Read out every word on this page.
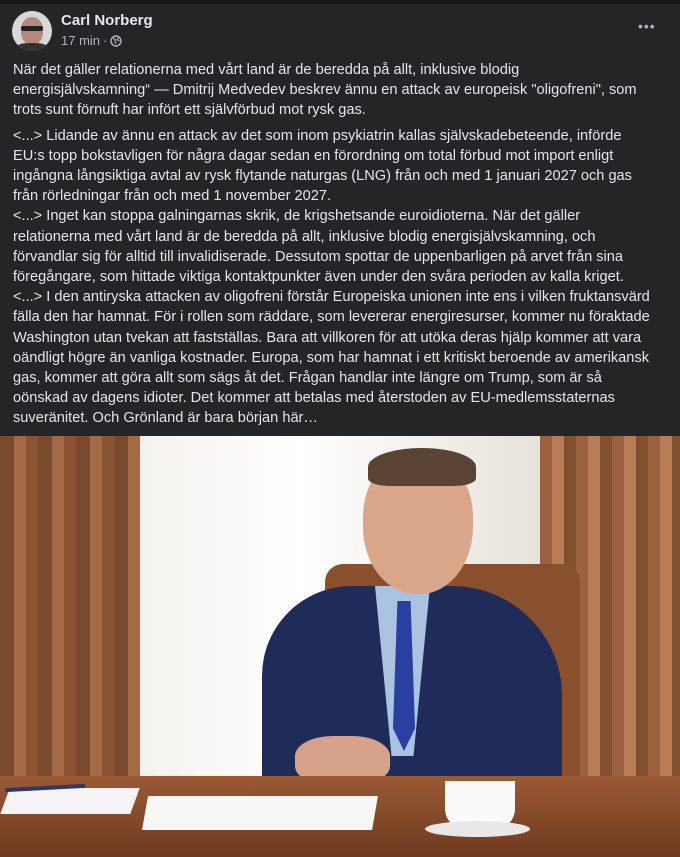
Carl Norberg
17 min ·
•••
När det gäller relationerna med vårt land är de beredda på allt, inklusive blodig
energisjälvskamning“ — Dmitrij Medvedev beskrev ännu en attack av europeisk "oligofreni", som
trots sunt förnuft har infört ett självförbud mot rysk gas.
<...> Lidande av ännu en attack av det som inom psykiatrin kallas självskadebeteende, införde
EU:s topp bokstavligen för några dagar sedan en förordning om total förbud mot import enligt
ingångna långsiktiga avtal av rysk flytande naturgas (LNG) från och med 1 januari 2027 och gas
från rörledningar från och med 1 november 2027.
<...> Inget kan stoppa galningarnas skrik, de krigshetsande euroidioterna. När det gäller
relationerna med vårt land är de beredda på allt, inklusive blodig energisjälvskamning, och
förvandlar sig för alltid till invalidiserade. Dessutom spottar de uppenbarligen på arvet från sina
föregångare, som hittade viktiga kontaktpunkter även under den svåra perioden av kalla kriget.
<...> I den antiryska attacken av oligofreni förstår Europeiska unionen inte ens i vilken fruktansvärd
fälla den har hamnat. För i rollen som räddare, som levererar energiresurser, kommer nu föraktade
Washington utan tvekan att fastställas. Bara att villkoren för att utöka deras hjälp kommer att vara
oändligt högre än vanliga kostnader. Europa, som har hamnat i ett kritiskt beroende av amerikansk
gas, kommer att göra allt som sägs åt det. Frågan handlar inte längre om Trump, som är så
oönskad av dagens idioter. Det kommer att betalas med återstoden av EU-medlemsstaternas
suveränitet. Och Grönland är bara början här…
